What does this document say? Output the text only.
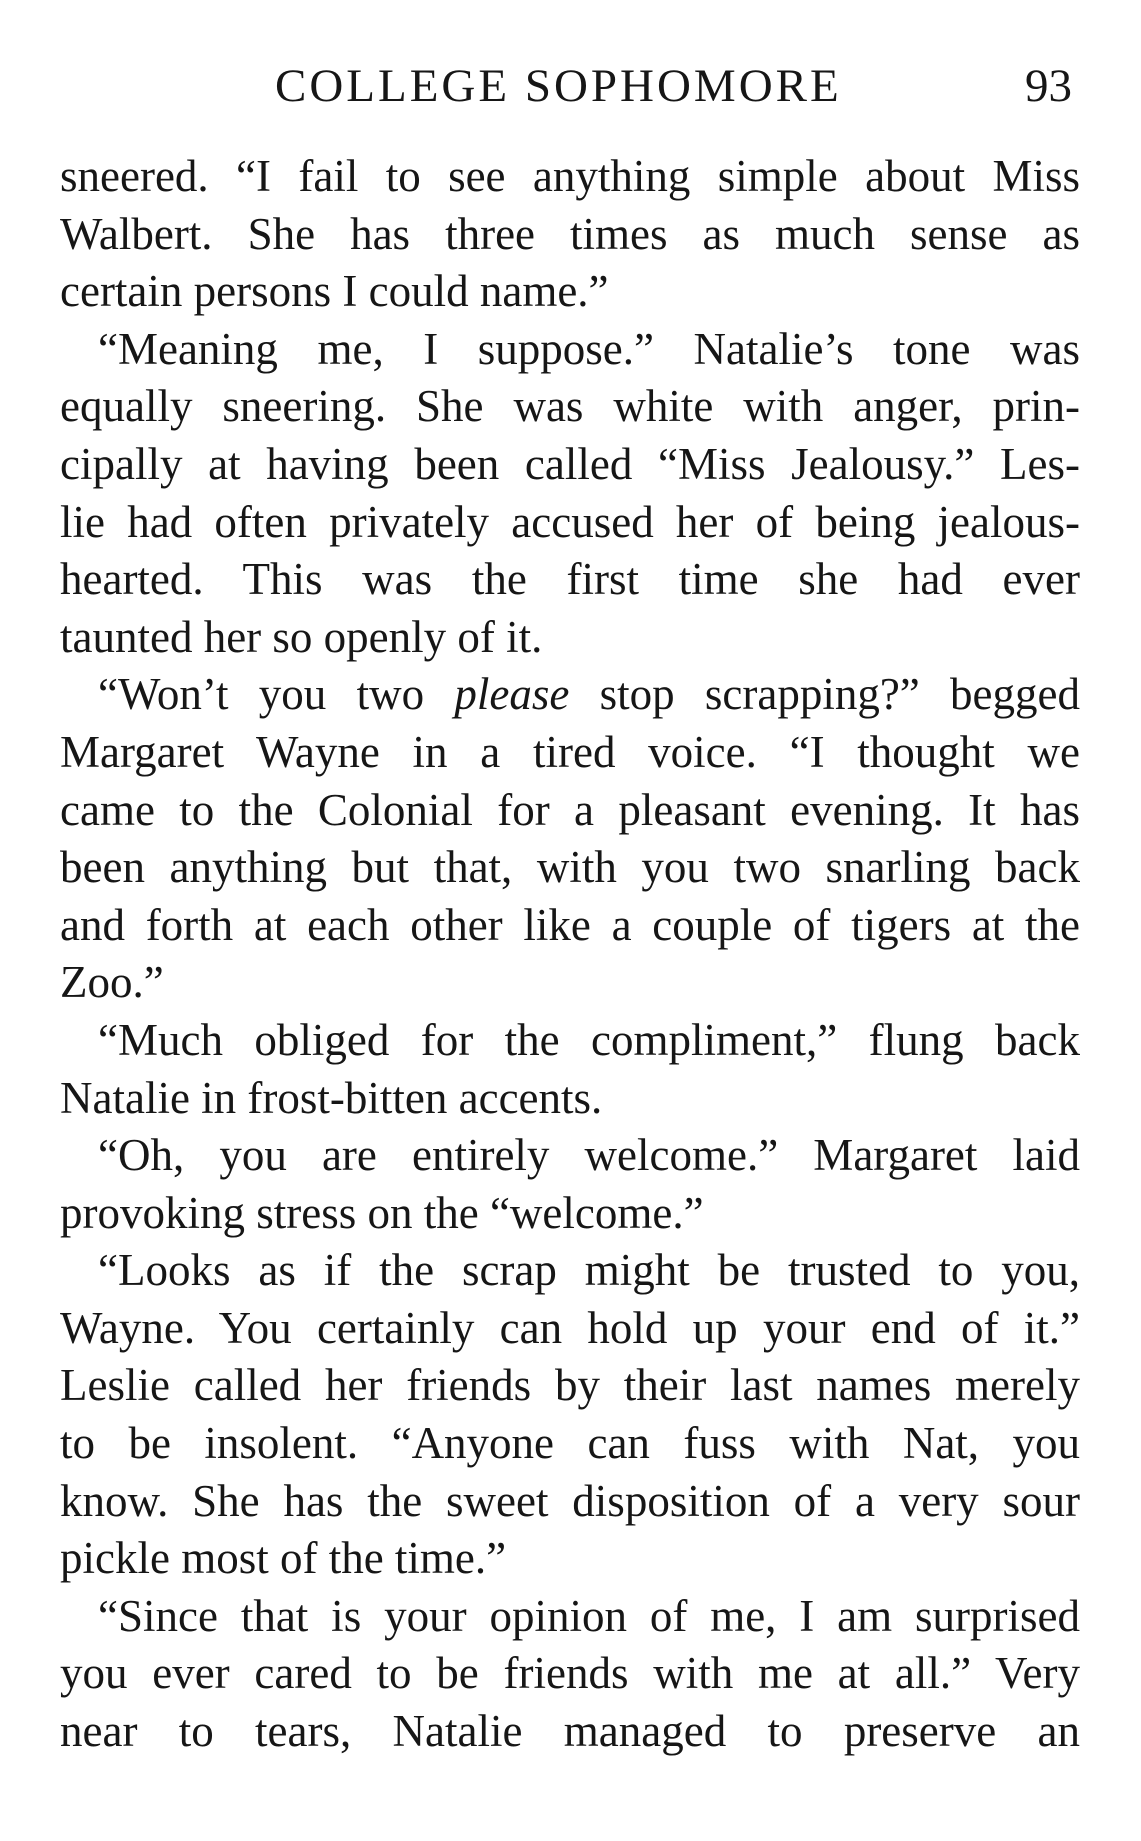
COLLEGE SOPHOMORE	93
sneered. “I fail to see anything simple about Miss
Walbert. She has three times as much sense as
certain persons I could name.”
“Meaning me, I suppose.” Natalie’s tone was
equally sneering. She was white with anger, prin-
cipally at having been called “Miss Jealousy.” Les-
lie had often privately accused her of being jealous-
hearted. This was the first time she had ever
taunted her so openly of it.
“Won’t you two please stop scrapping?” begged
Margaret Wayne in a tired voice. “I thought we
came to the Colonial for a pleasant evening. It has
been anything but that, with you two snarling back
and forth at each other like a couple of tigers at the
Zoo.”
“Much obliged for the compliment,” flung back
Natalie in frost-bitten accents.
“Oh, you are entirely welcome.” Margaret laid
provoking stress on the “welcome.”
“Looks as if the scrap might be trusted to you,
Wayne. You certainly can hold up your end of it.”
Leslie called her friends by their last names merely
to be insolent. “Anyone can fuss with Nat, you
know. She has the sweet disposition of a very sour
pickle most of the time.”
“Since that is your opinion of me, I am surprised
you ever cared to be friends with me at all.” Very
near to tears, Natalie managed to preserve an
